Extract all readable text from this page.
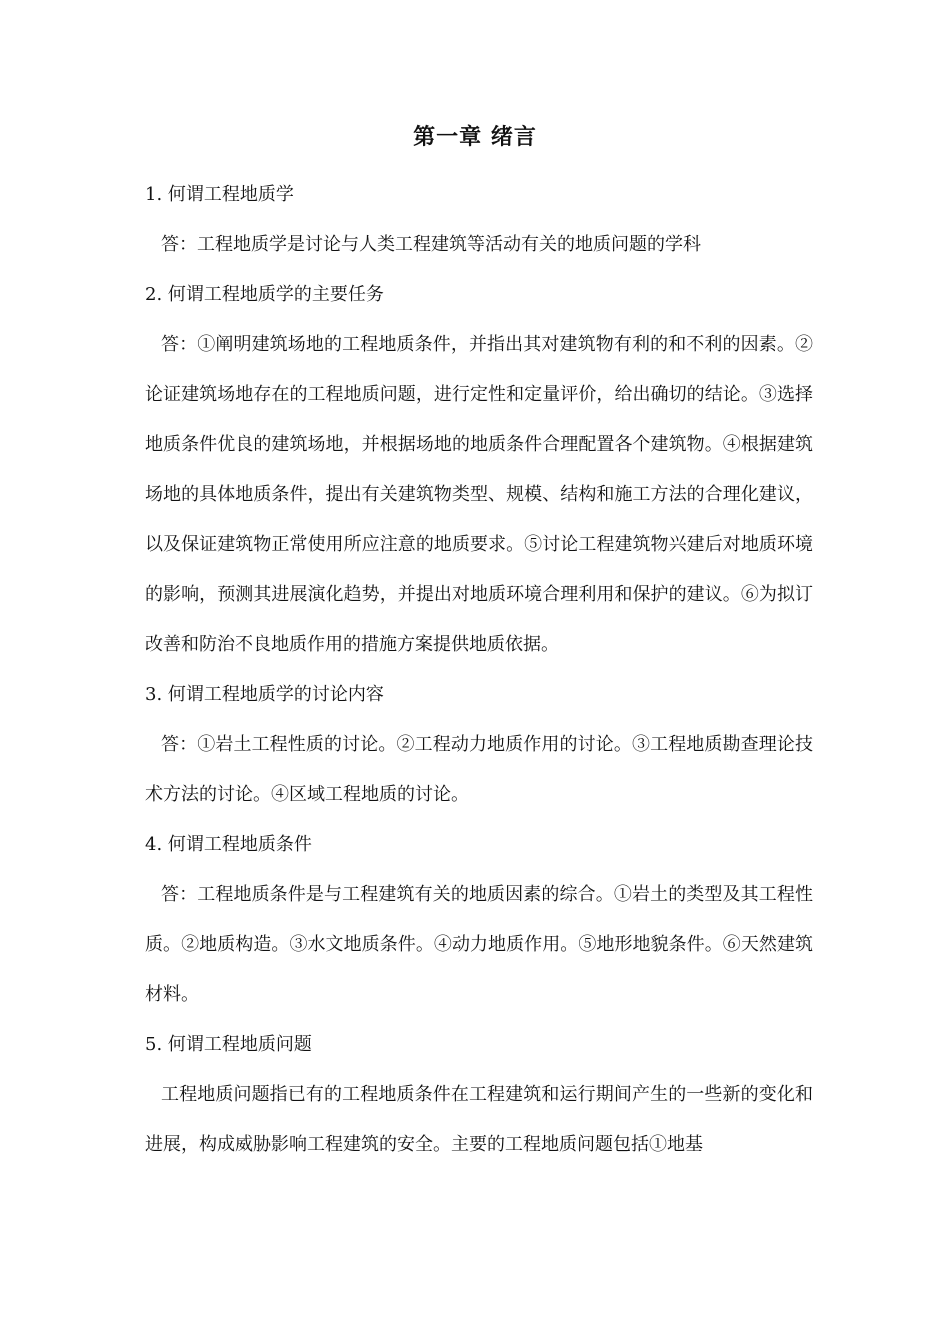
第一章 绪言

1. 何谓工程地质学

答：工程地质学是讨论与人类工程建筑等活动有关的地质问题的学科

2. 何谓工程地质学的主要任务

答：①阐明建筑场地的工程地质条件，并指出其对建筑物有利的和不利的因素。②论证建筑场地存在的工程地质问题，进行定性和定量评价，给出确切的结论。③选择地质条件优良的建筑场地，并根据场地的地质条件合理配置各个建筑物。④根据建筑场地的具体地质条件，提出有关建筑物类型、规模、结构和施工方法的合理化建议，以及保证建筑物正常使用所应注意的地质要求。⑤讨论工程建筑物兴建后对地质环境的影响，预测其进展演化趋势，并提出对地质环境合理利用和保护的建议。⑥为拟订改善和防治不良地质作用的措施方案提供地质依据。

3. 何谓工程地质学的讨论内容

答：①岩土工程性质的讨论。②工程动力地质作用的讨论。③工程地质勘查理论技术方法的讨论。④区域工程地质的讨论。

4. 何谓工程地质条件

答：工程地质条件是与工程建筑有关的地质因素的综合。①岩土的类型及其工程性质。②地质构造。③水文地质条件。④动力地质作用。⑤地形地貌条件。⑥天然建筑材料。

5. 何谓工程地质问题

工程地质问题指已有的工程地质条件在工程建筑和运行期间产生的一些新的变化和进展，构成威胁影响工程建筑的安全。主要的工程地质问题包括①地基
